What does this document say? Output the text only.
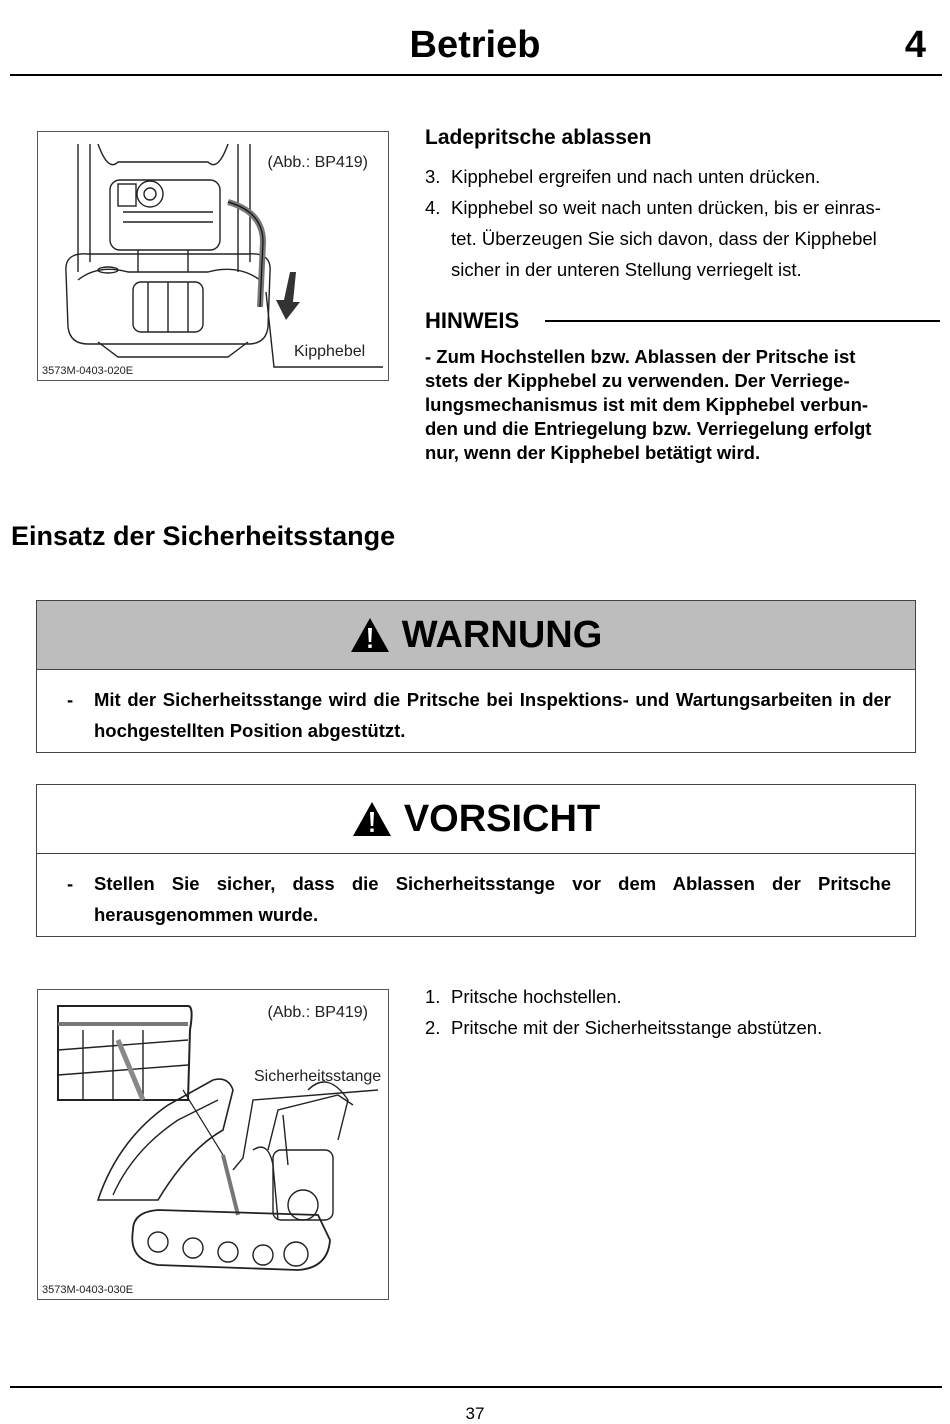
Betrieb	4
(Abb.: BP419)
Kipphebel
3573M-0403-020E
Ladepritsche ablassen
3. Kipphebel ergreifen und nach unten drücken.
4. Kipphebel so weit nach unten drücken, bis er einras-
tet. Überzeugen Sie sich davon, dass der Kipphebel
sicher in der unteren Stellung verriegelt ist.
HINWEIS
- Zum Hochstellen bzw. Ablassen der Pritsche ist
stets der Kipphebel zu verwenden. Der Verriege-
lungsmechanismus ist mit dem Kipphebel verbun-
den und die Entriegelung bzw. Verriegelung erfolgt
nur, wenn der Kipphebel betätigt wird.
Einsatz der Sicherheitsstange
WARNUNG
- Mit der Sicherheitsstange wird die Pritsche bei Inspektions- und Wartungsarbeiten in der hochgestellten Position abgestützt.
VORSICHT
- Stellen Sie sicher, dass die Sicherheitsstange vor dem Ablassen der Pritsche herausgenommen wurde.
(Abb.: BP419)
Sicherheitsstange
3573M-0403-030E
1. Pritsche hochstellen.
2. Pritsche mit der Sicherheitsstange abstützen.
37
